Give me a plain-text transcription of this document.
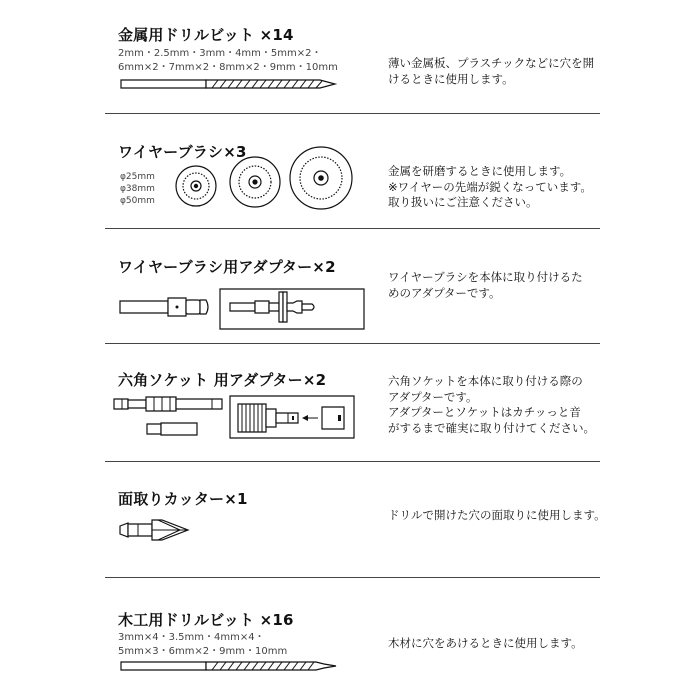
金属用ドリルビット ×14
2mm・2.5mm・3mm・4mm・5mm×2・
6mm×2・7mm×2・8mm×2・9mm・10mm	薄い金属板、プラスチックなどに穴を開
けるときに使用します。
ワイヤーブラシ×3
φ25mm
φ38mm
φ50mm
金属を研磨するときに使用します。
※ワイヤーの先端が鋭くなっています。
取り扱いにご注意ください。
ワイヤーブラシ用アダプター×2
ワイヤーブラシを本体に取り付けるた
めのアダプターです。
六角ソケット 用アダプター×2	六角ソケットを本体に取り付ける際の
アダプターです。
アダプターとソケットはカチッっと音
がするまで確実に取り付けてください。
面取りカッター×1
ドリルで開けた穴の面取りに使用します。
木工用ドリルビット ×16
3mm×4・3.5mm・4mm×4・
5mm×3・6mm×2・9mm・10mm
木材に穴をあけるときに使用します。
